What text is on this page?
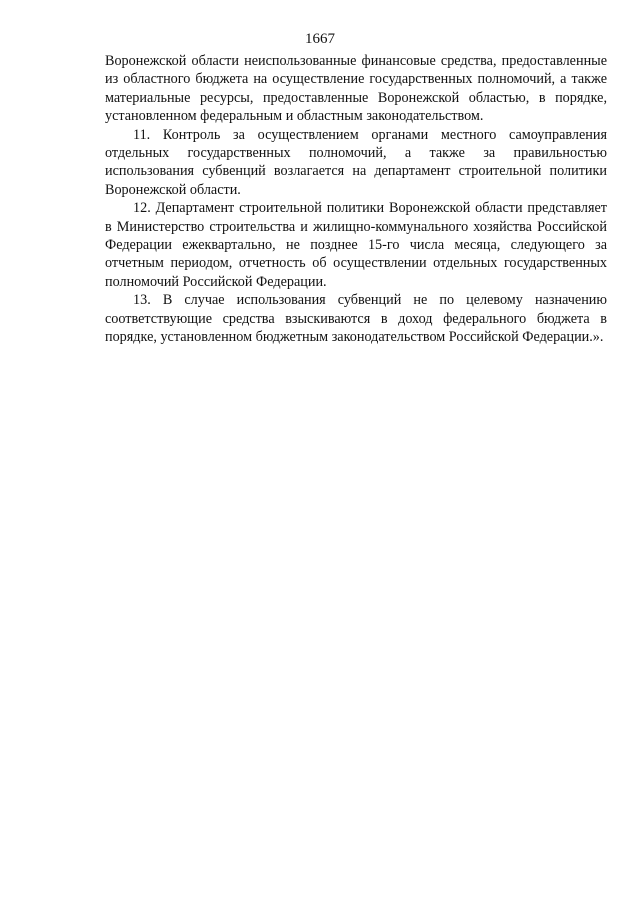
1667

Воронежской области неиспользованные финансовые средства, предоставленные из областного бюджета на осуществление государственных полномочий, а также материальные ресурсы, предоставленные Воронежской областью, в порядке, установленном федеральным и областным законодательством.

11. Контроль за осуществлением органами местного самоуправления отдельных государственных полномочий, а также за правильностью использования субвенций возлагается на департамент строительной политики Воронежской области.

12. Департамент строительной политики Воронежской области представляет в Министерство строительства и жилищно-коммунального хозяйства Российской Федерации ежеквартально, не позднее 15-го числа месяца, следующего за отчетным периодом, отчетность об осуществлении отдельных государственных полномочий Российской Федерации.

13. В случае использования субвенций не по целевому назначению соответствующие средства взыскиваются в доход федерального бюджета в порядке, установленном бюджетным законодательством Российской Федерации.».
